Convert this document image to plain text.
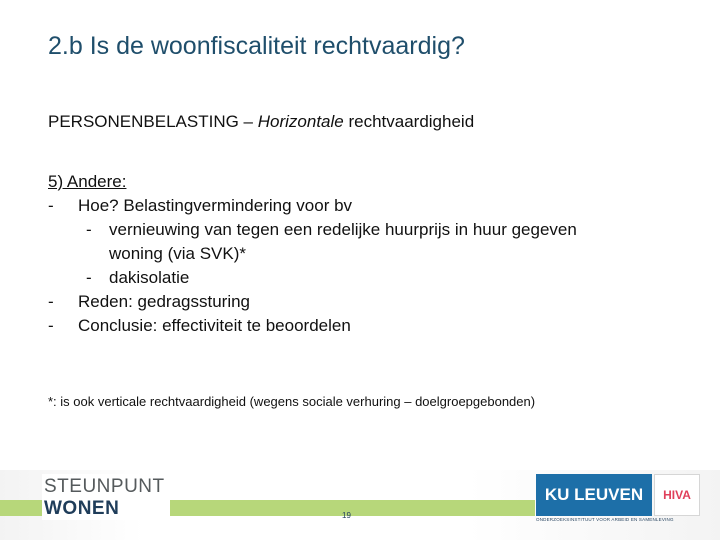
2.b Is de woonfiscaliteit rechtvaardig?
PERSONENBELASTING – Horizontale rechtvaardigheid
5) Andere:
- Hoe? Belastingvermindering voor bv
- vernieuwing van tegen een redelijke huurprijs in huur gegeven
woning (via SVK)*
- dakisolatie
- Reden: gedragssturing
- Conclusie: effectiviteit te beoordelen
*: is ook verticale rechtvaardigheid (wegens sociale verhuring – doelgroepgebonden)
STEUNPUNT
WONEN	19
KU LEUVEN HIVA
ONDERZOEKSINSTITUUT VOOR ARBEID EN SAMENLEVING
